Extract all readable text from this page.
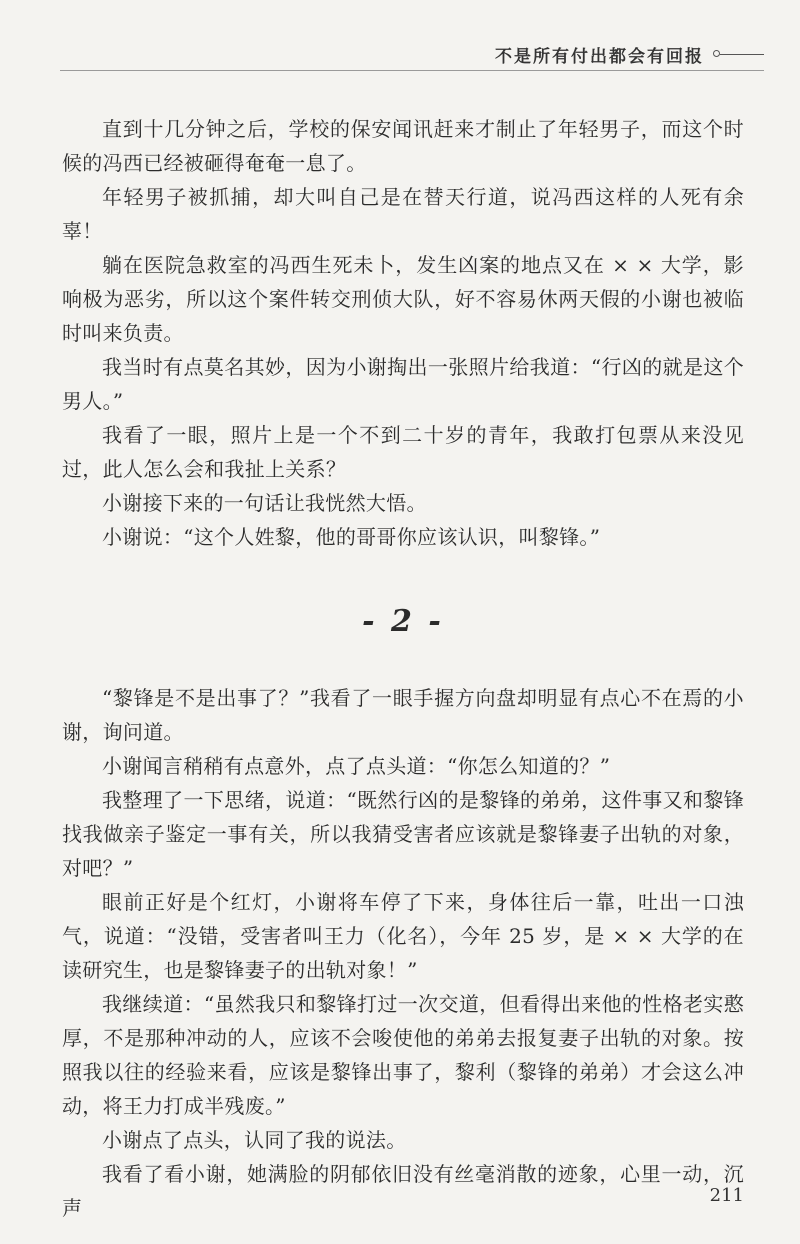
不是所有付出都会有回报

直到十几分钟之后，学校的保安闻讯赶来才制止了年轻男子，而这个时候的冯西已经被砸得奄奄一息了。

年轻男子被抓捕，却大叫自己是在替天行道，说冯西这样的人死有余辜！

躺在医院急救室的冯西生死未卜，发生凶案的地点又在 × × 大学，影响极为恶劣，所以这个案件转交刑侦大队，好不容易休两天假的小谢也被临时叫来负责。

我当时有点莫名其妙，因为小谢掏出一张照片给我道：“行凶的就是这个男人。”

我看了一眼，照片上是一个不到二十岁的青年，我敢打包票从来没见过，此人怎么会和我扯上关系？

小谢接下来的一句话让我恍然大悟。

小谢说：“这个人姓黎，他的哥哥你应该认识，叫黎锋。”

- 2 -

“黎锋是不是出事了？”我看了一眼手握方向盘却明显有点心不在焉的小谢，询问道。

小谢闻言稍稍有点意外，点了点头道：“你怎么知道的？”

我整理了一下思绪，说道：“既然行凶的是黎锋的弟弟，这件事又和黎锋找我做亲子鉴定一事有关，所以我猜受害者应该就是黎锋妻子出轨的对象，对吧？”

眼前正好是个红灯，小谢将车停了下来，身体往后一靠，吐出一口浊气，说道：“没错，受害者叫王力（化名），今年 25 岁，是 × × 大学的在读研究生，也是黎锋妻子的出轨对象！”

我继续道：“虽然我只和黎锋打过一次交道，但看得出来他的性格老实憨厚，不是那种冲动的人，应该不会唆使他的弟弟去报复妻子出轨的对象。按照我以往的经验来看，应该是黎锋出事了，黎利（黎锋的弟弟）才会这么冲动，将王力打成半残废。”

小谢点了点头，认同了我的说法。

我看了看小谢，她满脸的阴郁依旧没有丝毫消散的迹象，心里一动，沉声

211
